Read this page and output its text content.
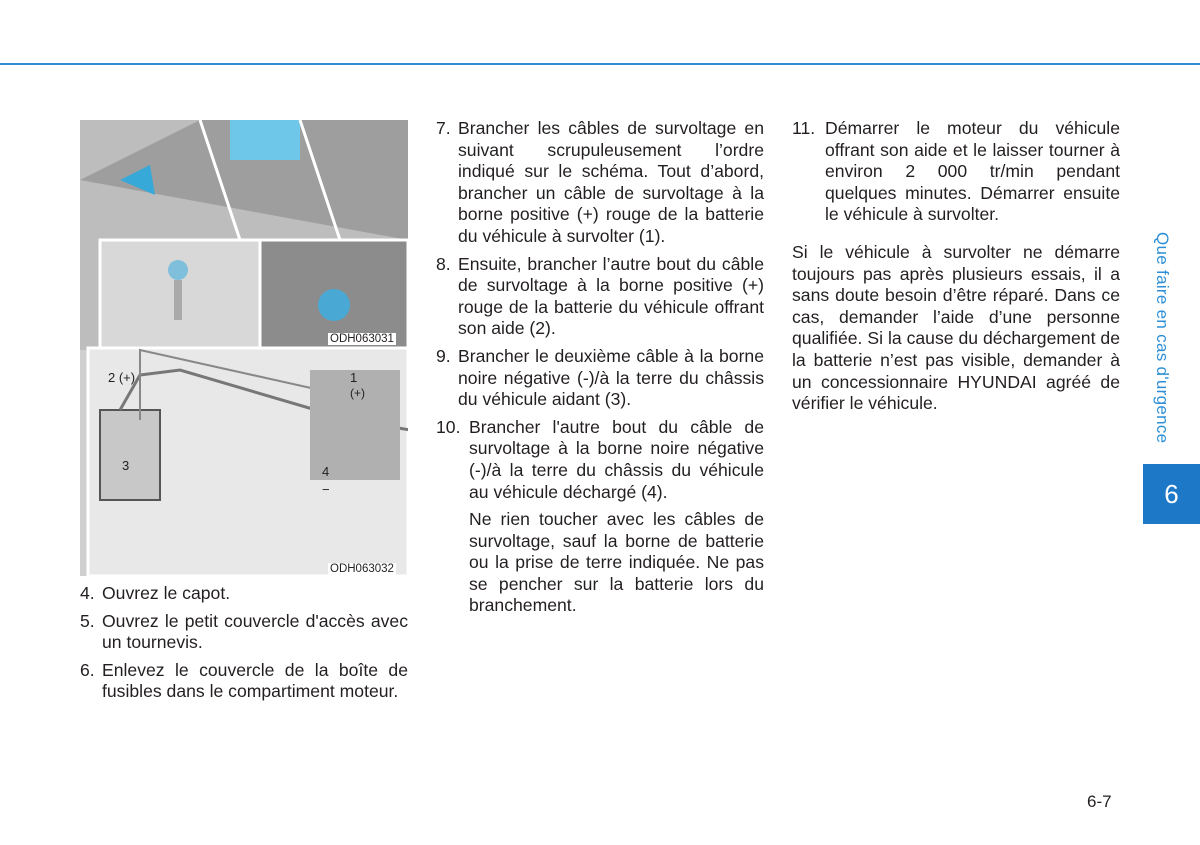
ODH063031
ODH063032
1
(+)
2 (+)
3	4
−
4. Ouvrez le capot.
5. Ouvrez le petit couvercle d'accès avec un tournevis.
6. Enlevez le couvercle de la boîte de fusibles dans le compartiment moteur.
7. Brancher les câbles de survoltage en suivant scrupuleusement l’ordre indiqué sur le schéma. Tout d’abord, brancher un câble de survoltage à la borne positive (+) rouge de la batterie du véhicule à survolter (1).
8. Ensuite, brancher l’autre bout du câble de survoltage à la borne positive (+) rouge de la batterie du véhicule offrant son aide (2).
9. Brancher le deuxième câble à la borne noire négative (-)/à la terre du châssis du véhicule aidant (3).
10. Brancher l'autre bout du câble de survoltage à la borne noire négative (-)/à la terre du châssis du véhicule au véhicule déchargé (4).
Ne rien toucher avec les câbles de survoltage, sauf la borne de batterie ou la prise de terre indiquée. Ne pas se pencher sur la batterie lors du branchement.
11. Démarrer le moteur du véhicule offrant son aide et le laisser tourner à environ 2 000 tr/min pendant quelques minutes. Démarrer ensuite le véhicule à survolter.
Si le véhicule à survolter ne démarre toujours pas après plusieurs essais, il a sans doute besoin d’être réparé. Dans ce cas, demander l’aide d’une personne qualifiée. Si la cause du déchargement de la batterie n’est pas visible, demander à un concessionnaire HYUNDAI agréé de vérifier le véhicule.	Que faire en cas d'urgence
6
6-7
